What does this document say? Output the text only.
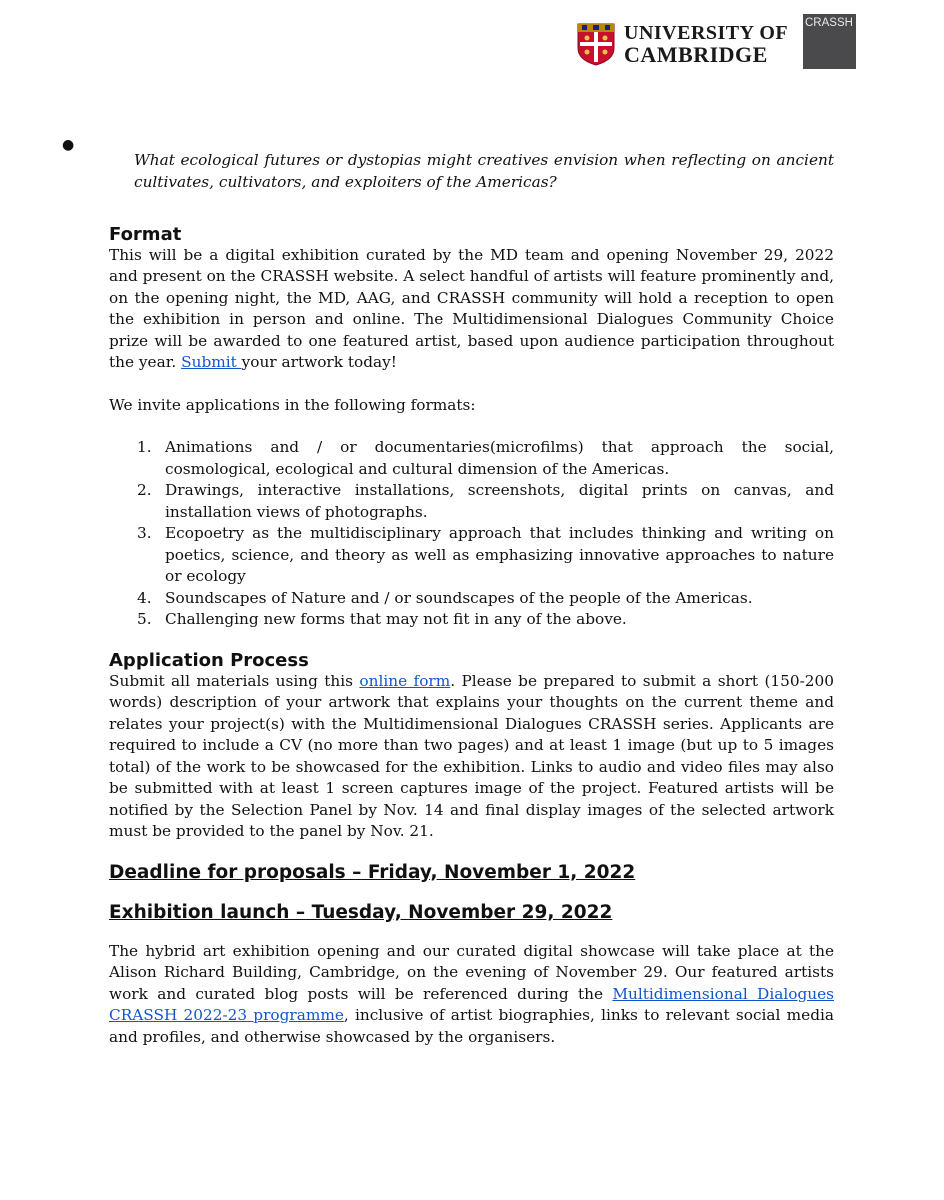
UNIVERSITY OF
CAMBRIDGE
CRASSH
●

What ecological futures or dystopias might creatives envision when reflecting on ancient cultivates, cultivators, and exploiters of the Americas?

Format

This will be a digital exhibition curated by the MD team and opening November 29, 2022 and present on the CRASSH website. A select handful of artists will feature prominently and, on the opening night, the MD, AAG, and CRASSH community will hold a reception to open the exhibition in person and online. The Multidimensional Dialogues Community Choice prize will be awarded to one featured artist, based upon audience participation throughout the year. Submit your artwork today!

We invite applications in the following formats:

1. Animations and / or documentaries(microfilms) that approach the social, cosmological, ecological and cultural dimension of the Americas.
2. Drawings, interactive installations, screenshots, digital prints on canvas, and installation views of photographs.
3. Ecopoetry as the multidisciplinary approach that includes thinking and writing on poetics, science, and theory as well as emphasizing innovative approaches to nature or ecology
4. Soundscapes of Nature and / or soundscapes of the people of the Americas.
5. Challenging new forms that may not fit in any of the above.
Application Process

Submit all materials using this online form. Please be prepared to submit a short (150-200 words) description of your artwork that explains your thoughts on the current theme and relates your project(s) with the Multidimensional Dialogues CRASSH series. Applicants are required to include a CV (no more than two pages) and at least 1 image (but up to 5 images total) of the work to be showcased for the exhibition. Links to audio and video files may also be submitted with at least 1 screen captures image of the project. Featured artists will be notified by the Selection Panel by Nov. 14 and final display images of the selected artwork must be provided to the panel by Nov. 21.

Deadline for proposals – Friday, November 1, 2022
Exhibition launch – Tuesday, November 29, 2022

The hybrid art exhibition opening and our curated digital showcase will take place at the Alison Richard Building, Cambridge, on the evening of November 29. Our featured artists work and curated blog posts will be referenced during the Multidimensional Dialogues CRASSH 2022-23 programme, inclusive of artist biographies, links to relevant social media and profiles, and otherwise showcased by the organisers.
